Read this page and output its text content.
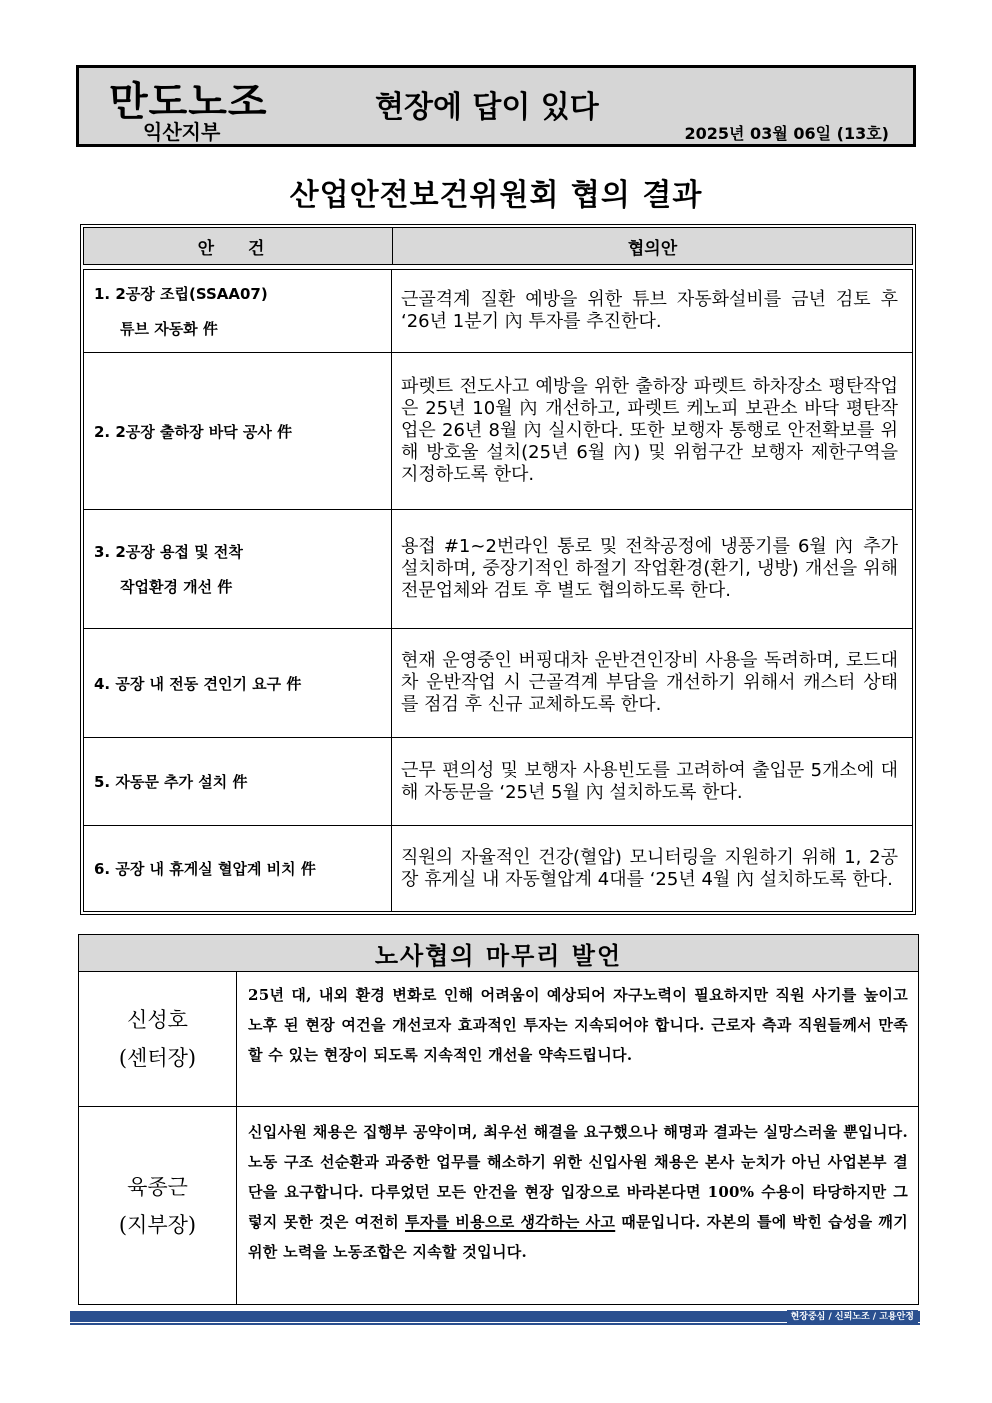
만도노조
익산지부
현장에 답이 있다
2025년 03월 06일 (13호)
산업안전보건위원회 협의 결과
안 건	협의안
1. 2공장 조립(SSAA07)
튜브 자동화 件

근골격계 질환 예방을 위한 튜브 자동화설비를 금년 검토 후 ‘26년 1분기 內 투자를 추진한다.

2. 2공장 출하장 바닥 공사 件

파렛트 전도사고 예방을 위한 출하장 파렛트 하차장소 평탄작업은 25년 10월 內 개선하고, 파렛트 케노피 보관소 바닥 평탄작업은 26년 8월 內 실시한다. 또한 보행자 통행로 안전확보를 위해 방호울 설치(25년 6월 內) 및 위험구간 보행자 제한구역을 지정하도록 한다.

3. 2공장 용접 및 전착
작업환경 개선 件

용접 #1~2번라인 통로 및 전착공정에 냉풍기를 6월 內 추가 설치하며, 중장기적인 하절기 작업환경(환기, 냉방) 개선을 위해 전문업체와 검토 후 별도 협의하도록 한다.

4. 공장 내 전동 견인기 요구 件

현재 운영중인 버핑대차 운반견인장비 사용을 독려하며, 로드대차 운반작업 시 근골격계 부담을 개선하기 위해서 캐스터 상태를 점검 후 신규 교체하도록 한다.

5. 자동문 추가 설치 件

근무 편의성 및 보행자 사용빈도를 고려하여 출입문 5개소에 대해 자동문을 ‘25년 5월 內 설치하도록 한다.

6. 공장 내 휴게실 혈압계 비치 件

직원의 자율적인 건강(혈압) 모니터링을 지원하기 위해 1, 2공장 휴게실 내 자동혈압계 4대를 ‘25년 4월 內 설치하도록 한다.

노사협의 마무리 발언
신성호
(센터장)

25년 대, 내외 환경 변화로 인해 어려움이 예상되어 자구노력이 필요하지만 직원 사기를 높이고 노후 된 현장 여건을 개선코자 효과적인 투자는 지속되어야 합니다. 근로자 측과 직원들께서 만족할 수 있는 현장이 되도록 지속적인 개선을 약속드립니다.

육종근
(지부장)

신입사원 채용은 집행부 공약이며, 최우선 해결을 요구했으나 해명과 결과는 실망스러울 뿐입니다. 노동 구조 선순환과 과중한 업무를 해소하기 위한 신입사원 채용은 본사 눈치가 아닌 사업본부 결단을 요구합니다. 다루었던 모든 안건을 현장 입장으로 바라본다면 100% 수용이 타당하지만 그렇지 못한 것은 여전히 투자를 비용으로 생각하는 사고 때문입니다. 자본의 틀에 박힌 습성을 깨기 위한 노력을 노동조합은 지속할 것입니다.

현장중심 / 신뢰노조 / 고용안정
